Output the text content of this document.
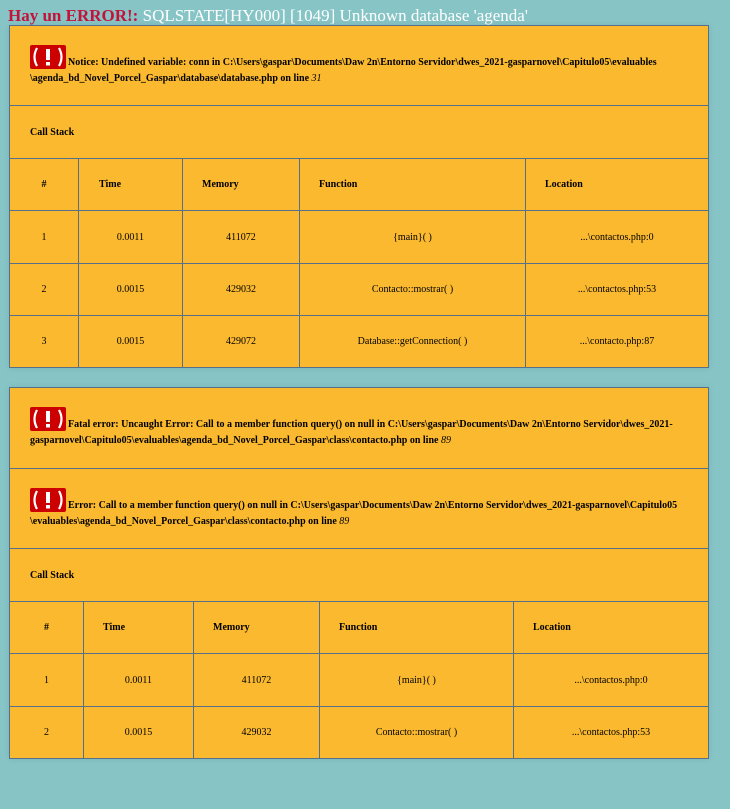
Hay un ERROR!: SQLSTATE[HY000] [1049] Unknown database 'agenda'
Notice: Undefined variable: conn in C:\Users\gaspar\Documents\Daw 2n\Entorno Servidor\dwes_2021-gasparnovel\Capitulo05\evaluables \agenda_bd_Novel_Porcel_Gaspar\database\database.php on line 31				
Call Stack				
#	Time	Memory	Function	Location
1	0.0011	411072	{main}( )	...\contactos.php:0
2	0.0015	429032	Contacto::mostrar( )	...\contactos.php:53
3	0.0015	429072	Database::getConnection( )	...\contacto.php:87
Fatal error: Uncaught Error: Call to a member function query() on null in C:\Users\gaspar\Documents\Daw 2n\Entorno Servidor\dwes_2021-gasparnovel\Capitulo05\evaluables\agenda_bd_Novel_Porcel_Gaspar\class\contacto.php on line 89				

Error: Call to a member function query() on null in C:\Users\gaspar\Documents\Daw 2n\Entorno Servidor\dwes_2021-gasparnovel\Capitulo05 \evaluables\agenda_bd_Novel_Porcel_Gaspar\class\contacto.php on line 89				
Call Stack				
#	Time	Memory	Function	Location
1	0.0011	411072	{main}( )	...\contactos.php:0
2	0.0015	429032	Contacto::mostrar( )	...\contactos.php:53
